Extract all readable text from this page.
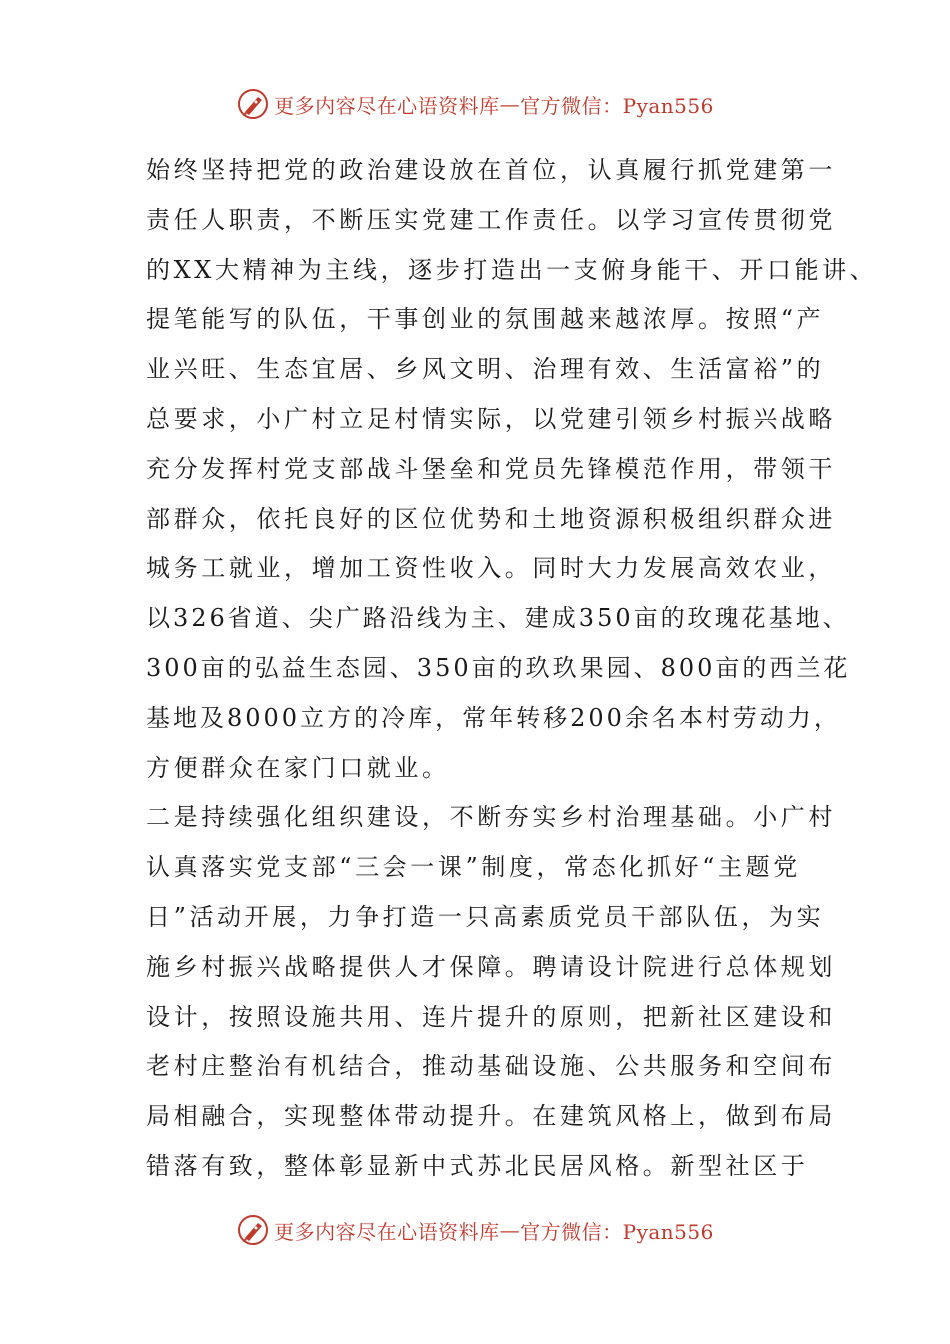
更多内容尽在心语资料库 — 官方微信：Pyan556
始终坚持把党的政治建设放在首位，认真履行抓党建第一
责任人职责，不断压实党建工作责任。以学习宣传贯彻党
的XX大精神为主线，逐步打造出一支俯身能干、开口能讲、
提笔能写的队伍，干事创业的氛围越来越浓厚。按照“产
业兴旺、生态宜居、乡风文明、治理有效、生活富裕”的
总要求，小广村立足村情实际，以党建引领乡村振兴战略
充分发挥村党支部战斗堡垒和党员先锋模范作用，带领干
部群众，依托良好的区位优势和土地资源积极组织群众进
城务工就业，增加工资性收入。同时大力发展高效农业，
以326省道、尖广路沿线为主、建成350亩的玫瑰花基地、
300亩的弘益生态园、350亩的玖玖果园、800亩的西兰花
基地及8000立方的冷库，常年转移200余名本村劳动力，
方便群众在家门口就业。
二是持续强化组织建设，不断夯实乡村治理基础。小广村
认真落实党支部“三会一课”制度，常态化抓好“主题党
日”活动开展，力争打造一只高素质党员干部队伍，为实
施乡村振兴战略提供人才保障。聘请设计院进行总体规划
设计，按照设施共用、连片提升的原则，把新社区建设和
老村庄整治有机结合，推动基础设施、公共服务和空间布
局相融合，实现整体带动提升。在建筑风格上，做到布局
错落有致，整体彰显新中式苏北民居风格。新型社区于
更多内容尽在心语资料库 — 官方微信：Pyan556
